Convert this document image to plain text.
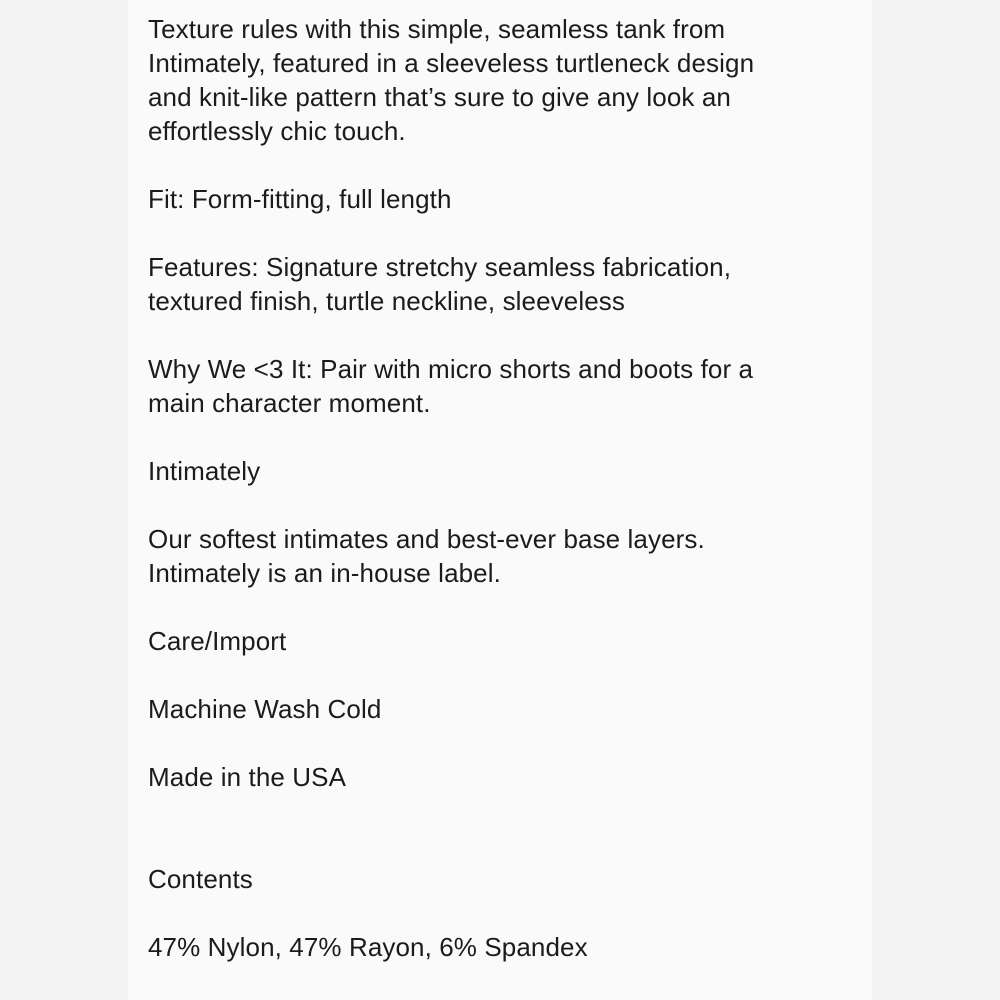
Texture rules with this simple, seamless tank from
Intimately, featured in a sleeveless turtleneck design
and knit-like pattern that’s sure to give any look an
effortlessly chic touch.

Fit: Form-fitting, full length

Features: Signature stretchy seamless fabrication,
textured finish, turtle neckline, sleeveless

Why We <3 It: Pair with micro shorts and boots for a
main character moment.

Intimately

Our softest intimates and best-ever base layers.
Intimately is an in-house label.

Care/Import

Machine Wash Cold

Made in the USA

Contents

47% Nylon, 47% Rayon, 6% Spandex
